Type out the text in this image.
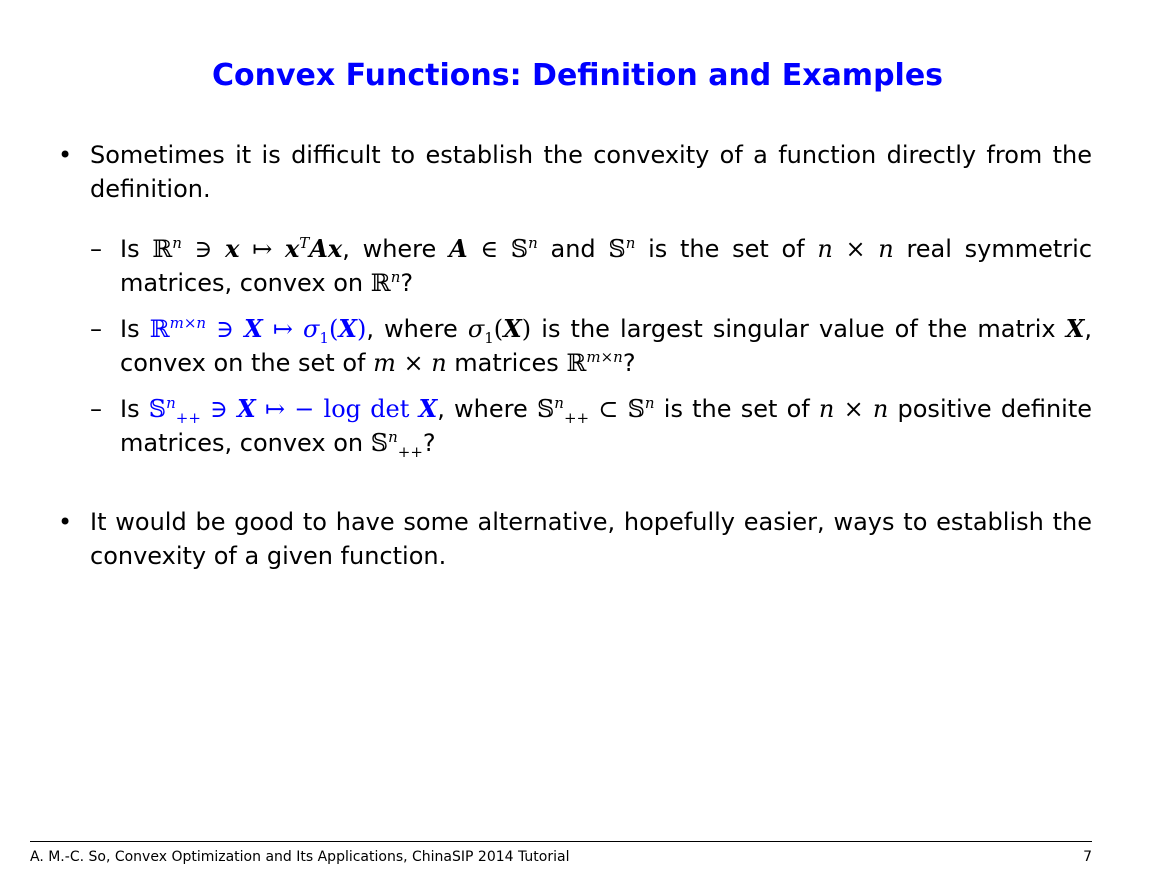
Convex Functions: Definition and Examples
• Sometimes it is difficult to establish the convexity of a function directly from the definition.
– Is ℝ$^n$ ∋ x ↦ $x^TAx$, where A ∈ 𝕊$^n$ and 𝕊$^n$ is the set of n × n real symmetric matrices, convex on ℝ$^n$?
– Is ℝ$^{m\times n}$ ∋ X ↦ $\sigma_1(X)$, where $\sigma_1(X)$ is the largest singular value of the matrix X, convex on the set of m × n matrices ℝ$^{m\times n}$?
– Is 𝕊$^n_{++}$ ∋ X ↦ − log det X, where 𝕊$^n_{++}$ ⊂ 𝕊$^n$ is the set of n × n positive definite matrices, convex on 𝕊$^n_{++}$?
• It would be good to have some alternative, hopefully easier, ways to establish the convexity of a given function.
A. M.-C. So, Convex Optimization and Its Applications, ChinaSIP 2014 Tutorial	7
